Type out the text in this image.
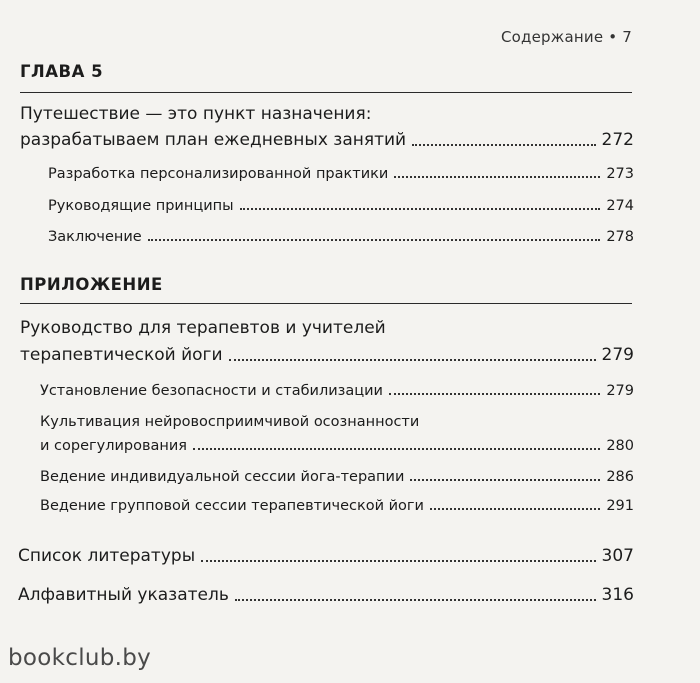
Содержание • 7
ГЛАВА 5
Путешествие — это пункт назначения:
разрабатываем план ежедневных занятий	272
Разработка персонализированной практики	273
Руководящие принципы	274
Заключение	278
ПРИЛОЖЕНИЕ
Руководство для терапевтов и учителей
терапевтической йоги	279
Установление безопасности и стабилизации	279
Культивация нейровосприимчивой осознанности
и сорегулирования	280
Ведение индивидуальной сессии йога-терапии	286
Ведение групповой сессии терапевтической йоги	291
Список литературы	307
Алфавитный указатель	316
bookclub.by
